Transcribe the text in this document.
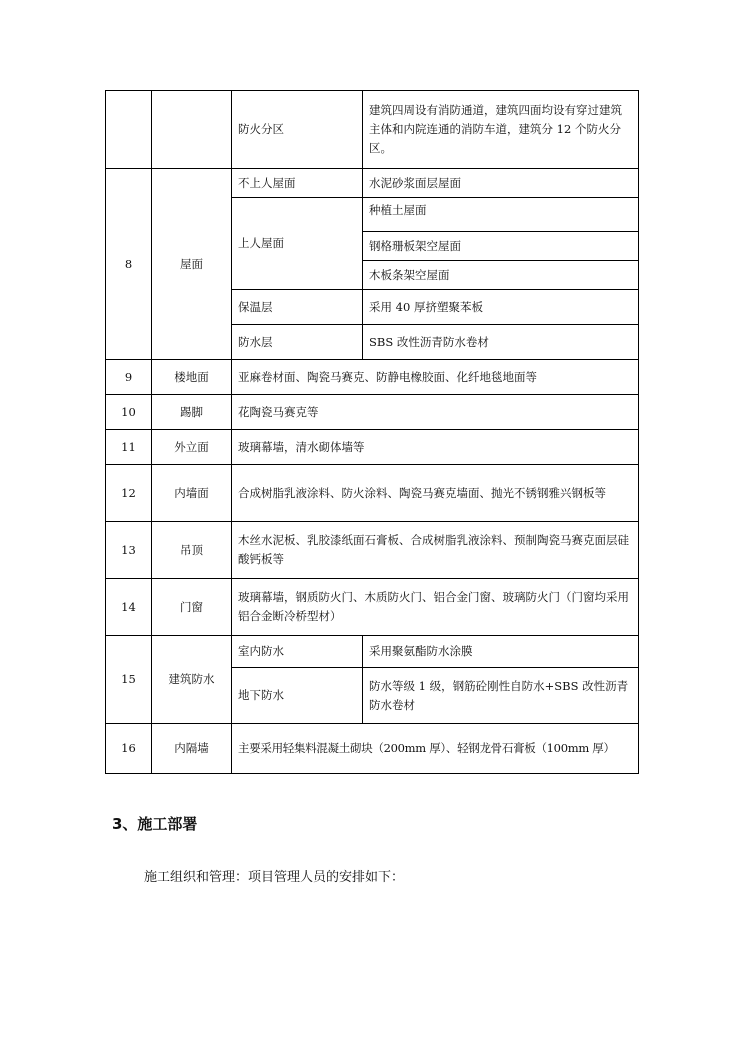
		防火分区	建筑四周设有消防通道，建筑四面均设有穿过建筑主体和内院连通的消防车道，建筑分 12 个防火分区。
8	屋面	不上人屋面	水泥砂浆面层屋面
		上人屋面	种植土屋面
			钢格珊板架空屋面
			木板条架空屋面
		保温层	采用 40 厚挤塑聚苯板
		防水层	SBS 改性沥青防水卷材
9	楼地面	亚麻卷材面、陶瓷马赛克、防静电橡胶面、化纤地毯地面等	
10	踢脚	花陶瓷马赛克等	
11	外立面	玻璃幕墙，清水砌体墙等	
12	内墙面	合成树脂乳液涂料、防火涂料、陶瓷马赛克墙面、抛光不锈钢雅兴钢板等	
13	吊顶	木丝水泥板、乳胶漆纸面石膏板、合成树脂乳液涂料、预制陶瓷马赛克面层硅酸钙板等	
14	门窗	玻璃幕墙，钢质防火门、木质防火门、铝合金门窗、玻璃防火门（门窗均采用铝合金断冷桥型材）	
15	建筑防水	室内防水	采用聚氨酯防水涂膜
		地下防水	防水等级 1 级，钢筋砼刚性自防水+SBS 改性沥青防水卷材
16	内隔墙	主要采用轻集料混凝土砌块（200mm 厚）、轻钢龙骨石膏板（100mm 厚）	
3、施工部署
施工组织和管理：项目管理人员的安排如下：
